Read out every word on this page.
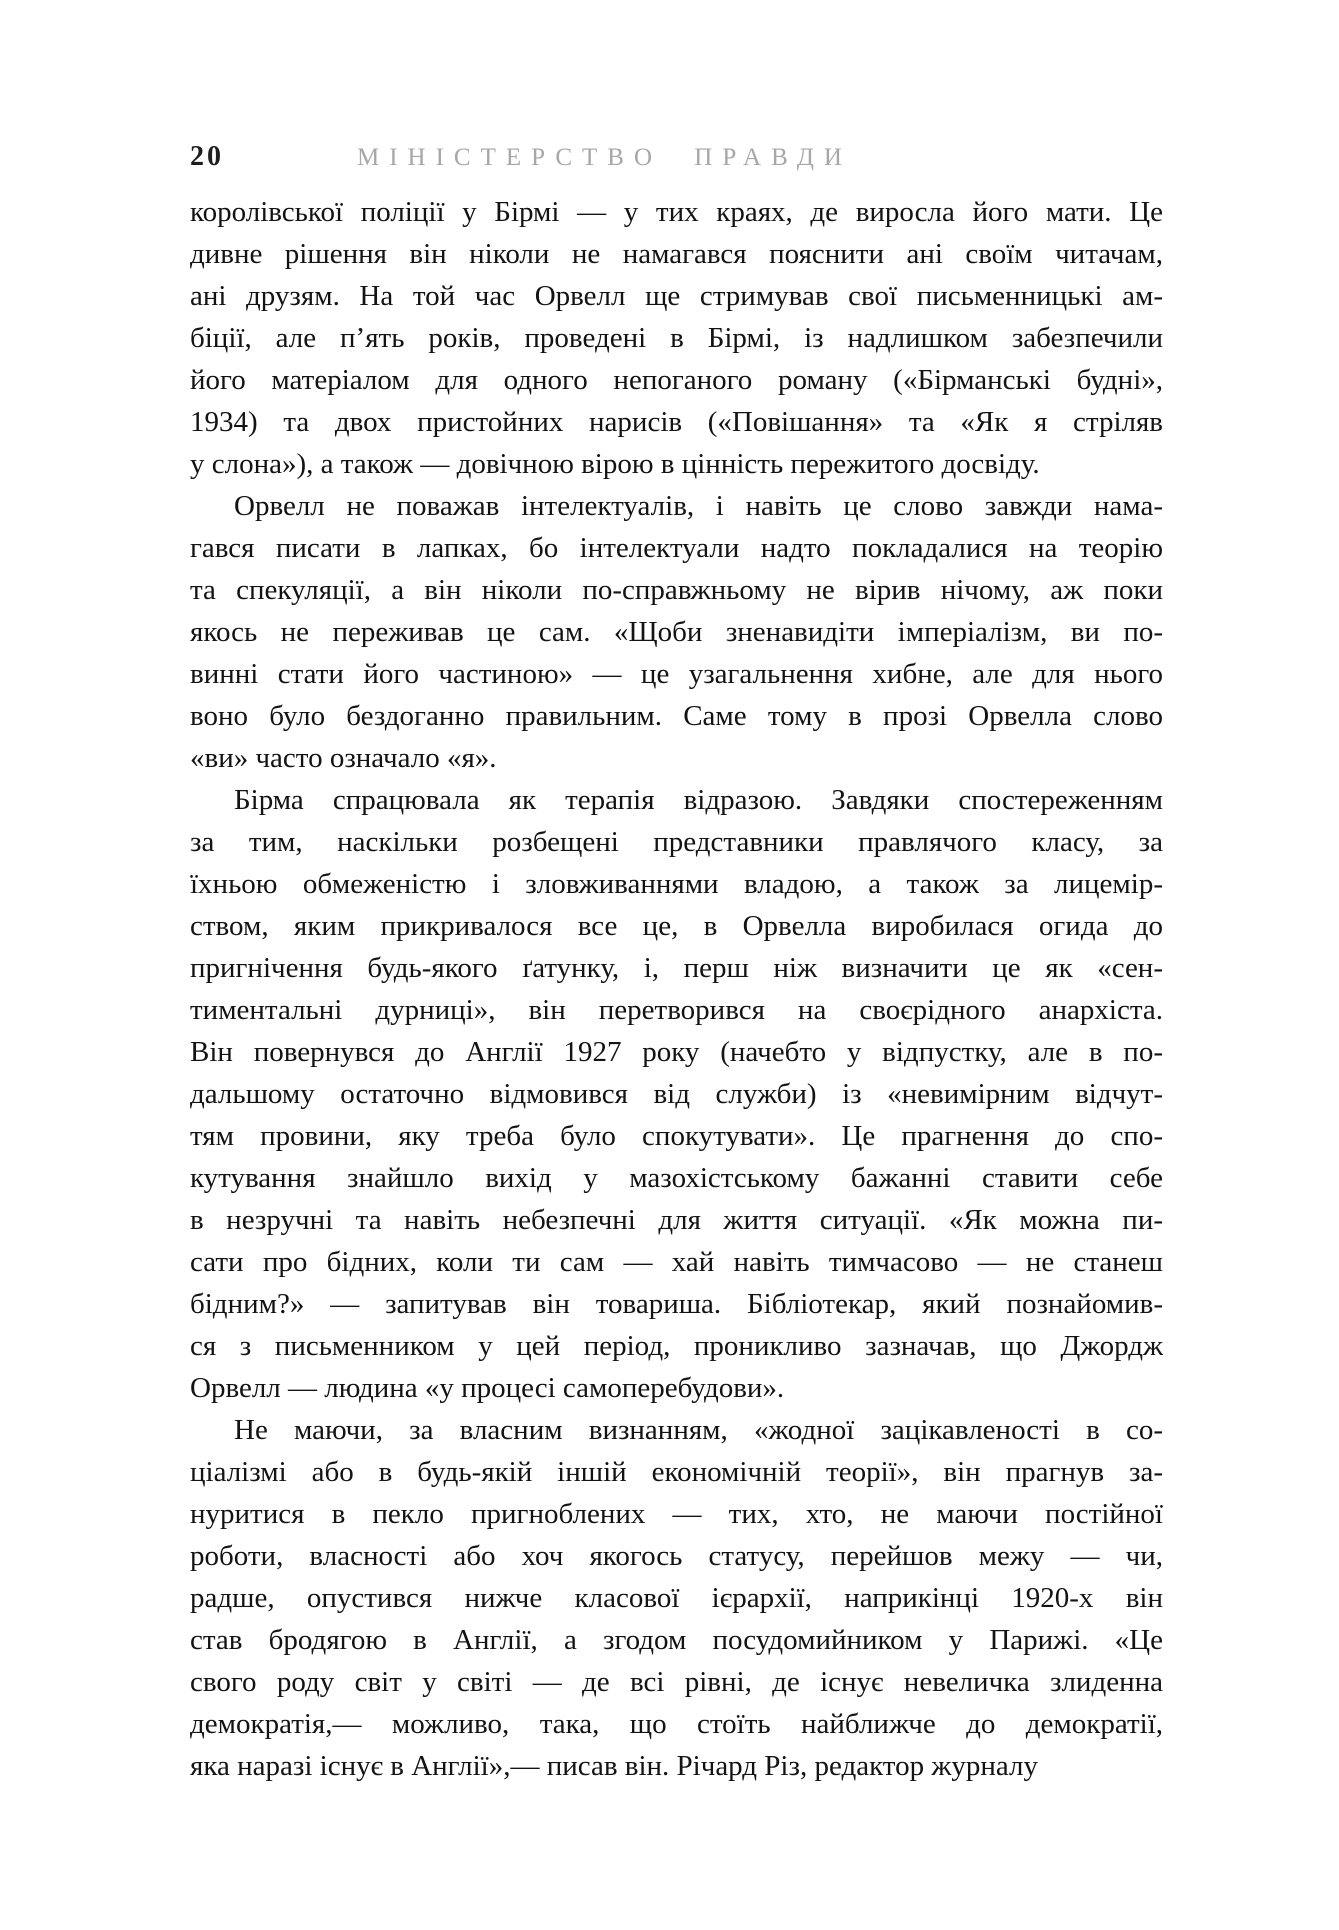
20	МІНІСТЕРСТВО ПРАВДИ
королівської поліції у Бірмі — у тих краях, де виросла його мати. Це
дивне рішення він ніколи не намагався пояснити ані своїм читачам,
ані друзям. На той час Орвелл ще стримував свої письменницькі ам-
біції, але п’ять років, проведені в Бірмі, із надлишком забезпечили
його матеріалом для одного непоганого роману («Бірманські будні»,
1934) та двох пристойних нарисів («Повішання» та «Як я стріляв
у слона»), а також — довічною вірою в цінність пережитого досвіду.
Орвелл не поважав інтелектуалів, і навіть це слово завжди нама-
гався писати в лапках, бо інтелектуали надто покладалися на теорію
та спекуляції, а він ніколи по-справжньому не вірив нічому, аж поки
якось не переживав це сам. «Щоби зненавидіти імперіалізм, ви по-
винні стати його частиною» — це узагальнення хибне, але для нього
воно було бездоганно правильним. Саме тому в прозі Орвелла слово
«ви» часто означало «я».
Бірма спрацювала як терапія відразою. Завдяки спостереженням
за тим, наскільки розбещені представники правлячого класу, за
їхньою обмеженістю і зловживаннями владою, а також за лицемір-
ством, яким прикривалося все це, в Орвелла виробилася огида до
пригнічення будь-якого ґатунку, і, перш ніж визначити це як «сен-
тиментальні дурниці», він перетворився на своєрідного анархіста.
Він повернувся до Англії 1927 року (начебто у відпустку, але в по-
дальшому остаточно відмовився від служби) із «невимірним відчут-
тям провини, яку треба було спокутувати». Це прагнення до спо-
кутування знайшло вихід у мазохістському бажанні ставити себе
в незручні та навіть небезпечні для життя ситуації. «Як можна пи-
сати про бідних, коли ти сам — хай навіть тимчасово — не станеш
бідним?» — запитував він товариша. Бібліотекар, який познайомив-
ся з письменником у цей період, проникливо зазначав, що Джордж
Орвелл — людина «у процесі самоперебудови».
Не маючи, за власним визнанням, «жодної зацікавленості в со-
ціалізмі або в будь-якій іншій економічній теорії», він прагнув за-
нуритися в пекло пригноблених — тих, хто, не маючи постійної
роботи, власності або хоч якогось статусу, перейшов межу — чи,
радше, опустився нижче класової ієрархії, наприкінці 1920-х він
став бродягою в Англії, а згодом посудомийником у Парижі. «Це
свого роду світ у світі — де всі рівні, де існує невеличка злиденна
демократія,— можливо, така, що стоїть найближче до демократії,
яка наразі існує в Англії»,— писав він. Річард Різ, редактор журналу
